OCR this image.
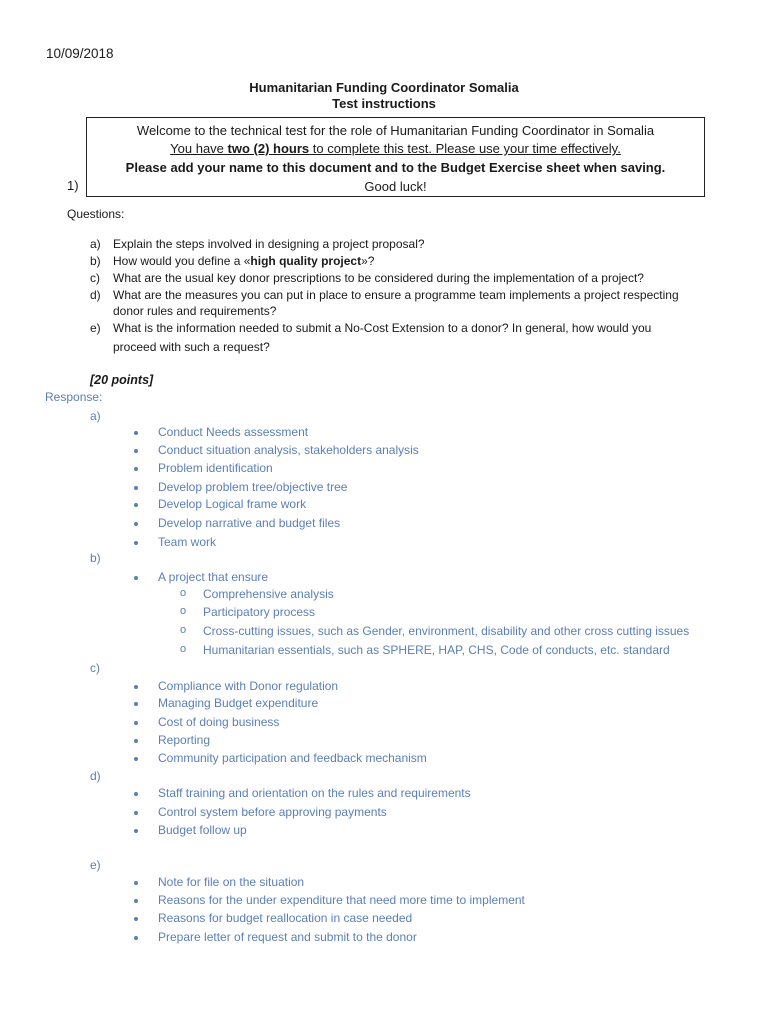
10/09/2018
Humanitarian Funding Coordinator Somalia
Test instructions
Welcome to the technical test for the role of Humanitarian Funding Coordinator in Somalia
You have two (2) hours to complete this test. Please use your time effectively.
Please add your name to this document and to the Budget Exercise sheet when saving.
Good luck!
1)
Questions:
a) Explain the steps involved in designing a project proposal?
b) How would you define a «high quality project»?
c) What are the usual key donor prescriptions to be considered during the implementation of a project?
d) What are the measures you can put in place to ensure a programme team implements a project respecting
donor rules and requirements?
e) What is the information needed to submit a No-Cost Extension to a donor? In general, how would you
proceed with such a request?
[20 points]
Response:
a)
Conduct Needs assessment
Conduct situation analysis, stakeholders analysis
Problem identification
Develop problem tree/objective tree
Develop Logical frame work
Develop narrative and budget files
Team work
b)
A project that ensure
o Comprehensive analysis
o Participatory process
o Cross-cutting issues, such as Gender, environment, disability and other cross cutting issues
o Humanitarian essentials, such as SPHERE, HAP, CHS, Code of conducts, etc. standard
c)
Compliance with Donor regulation
Managing Budget expenditure
Cost of doing business
Reporting
Community participation and feedback mechanism
d)
Staff training and orientation on the rules and requirements
Control system before approving payments
Budget follow up
e)
Note for file on the situation
Reasons for the under expenditure that need more time to implement
Reasons for budget reallocation in case needed
Prepare letter of request and submit to the donor
